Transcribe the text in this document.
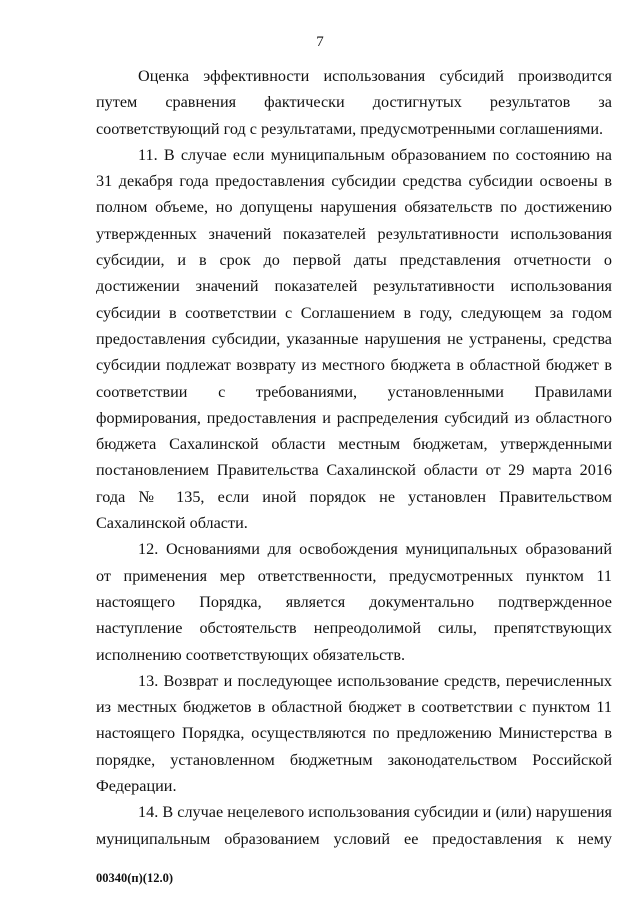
7

Оценка эффективности использования субсидий производится путем сравнения фактически достигнутых результатов за соответствующий год с результатами, предусмотренными соглашениями.

11. В случае если муниципальным образованием по состоянию на 31 декабря года предоставления субсидии средства субсидии освоены в полном объеме, но допущены нарушения обязательств по достижению утвержденных значений показателей результативности использования субсидии, и в срок до первой даты представления отчетности о достижении значений показателей результативности использования субсидии в соответствии с Соглашением в году, следующем за годом предоставления субсидии, указанные нарушения не устранены, средства субсидии подлежат возврату из местного бюджета в областной бюджет в соответствии с требованиями, установленными Правилами формирования, предоставления и распределения субсидий из областного бюджета Сахалинской области местным бюджетам, утвержденными постановлением Правительства Сахалинской области от 29 марта 2016 года № 135, если иной порядок не установлен Правительством Сахалинской области.

12. Основаниями для освобождения муниципальных образований от применения мер ответственности, предусмотренных пунктом 11 настоящего Порядка, является документально подтвержденное наступление обстоятельств непреодолимой силы, препятствующих исполнению соответствующих обязательств.

13. Возврат и последующее использование средств, перечисленных из местных бюджетов в областной бюджет в соответствии с пунктом 11 настоящего Порядка, осуществляются по предложению Министерства в порядке, установленном бюджетным законодательством Российской Федерации.

14. В случае нецелевого использования субсидии и (или) нарушения муниципальным образованием условий ее предоставления к нему

00340(п)(12.0)
